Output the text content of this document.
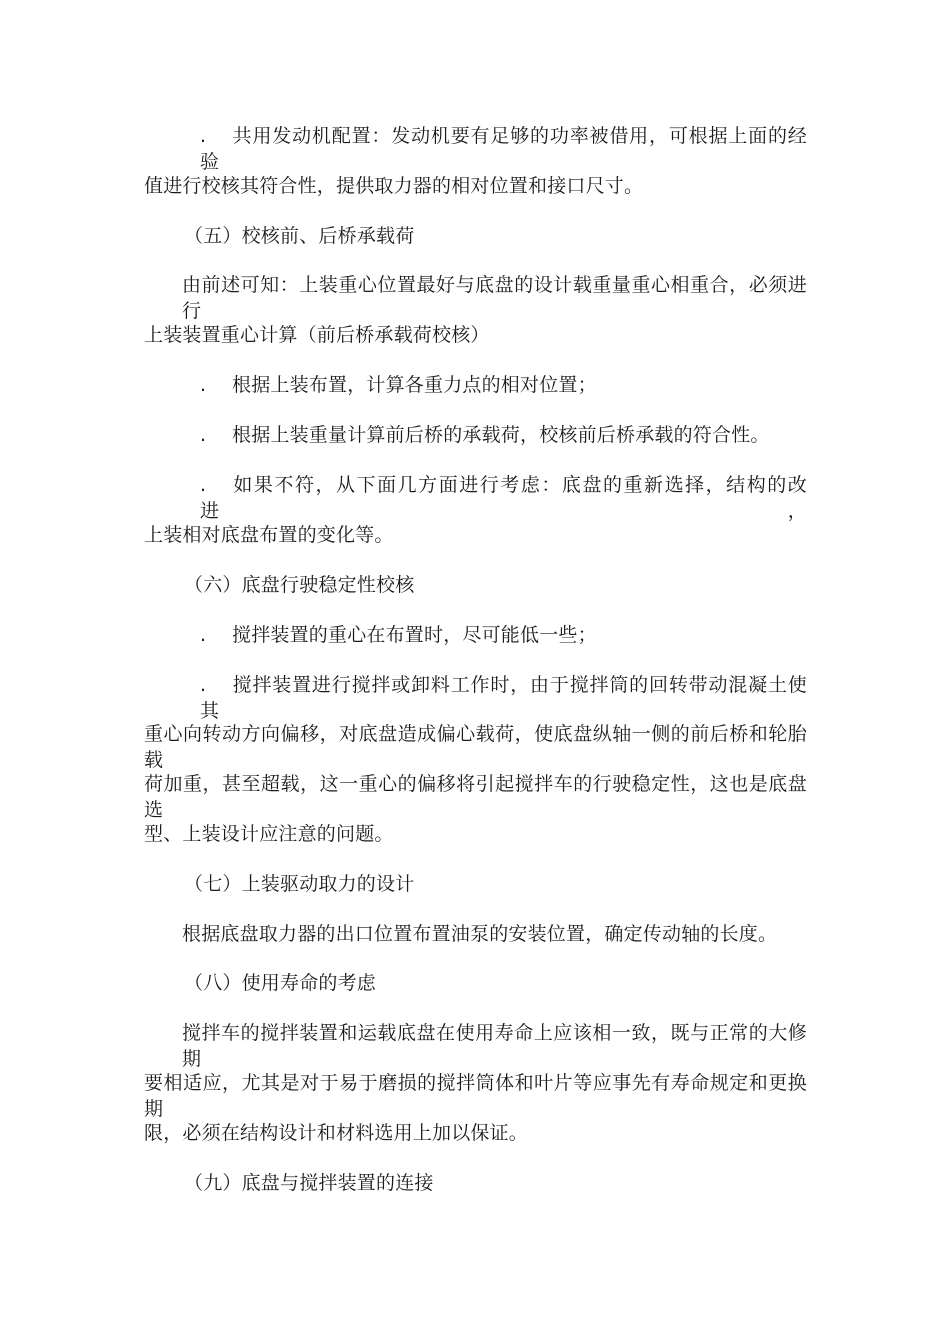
. 共用发动机配置：发动机要有足够的功率被借用，可根据上面的经验
值进行校核其符合性，提供取力器的相对位置和接口尺寸。
（五）校核前、后桥承载荷
由前述可知：上装重心位置最好与底盘的设计载重量重心相重合，必须进行
上装装置重心计算（前后桥承载荷校核）
. 根据上装布置，计算各重力点的相对位置；
. 根据上装重量计算前后桥的承载荷，校核前后桥承载的符合性。
. 如果不符，从下面几方面进行考虑：底盘的重新选择，结构的改进，
上装相对底盘布置的变化等。
（六）底盘行驶稳定性校核
. 搅拌装置的重心在布置时，尽可能低一些；
. 搅拌装置进行搅拌或卸料工作时，由于搅拌筒的回转带动混凝土使其
重心向转动方向偏移，对底盘造成偏心载荷，使底盘纵轴一侧的前后桥和轮胎载
荷加重，甚至超载，这一重心的偏移将引起搅拌车的行驶稳定性，这也是底盘选
型、上装设计应注意的问题。
（七）上装驱动取力的设计
根据底盘取力器的出口位置布置油泵的安装位置，确定传动轴的长度。
（八）使用寿命的考虑
搅拌车的搅拌装置和运载底盘在使用寿命上应该相一致，既与正常的大修期
要相适应，尤其是对于易于磨损的搅拌筒体和叶片等应事先有寿命规定和更换期
限，必须在结构设计和材料选用上加以保证。
（九）底盘与搅拌装置的连接
